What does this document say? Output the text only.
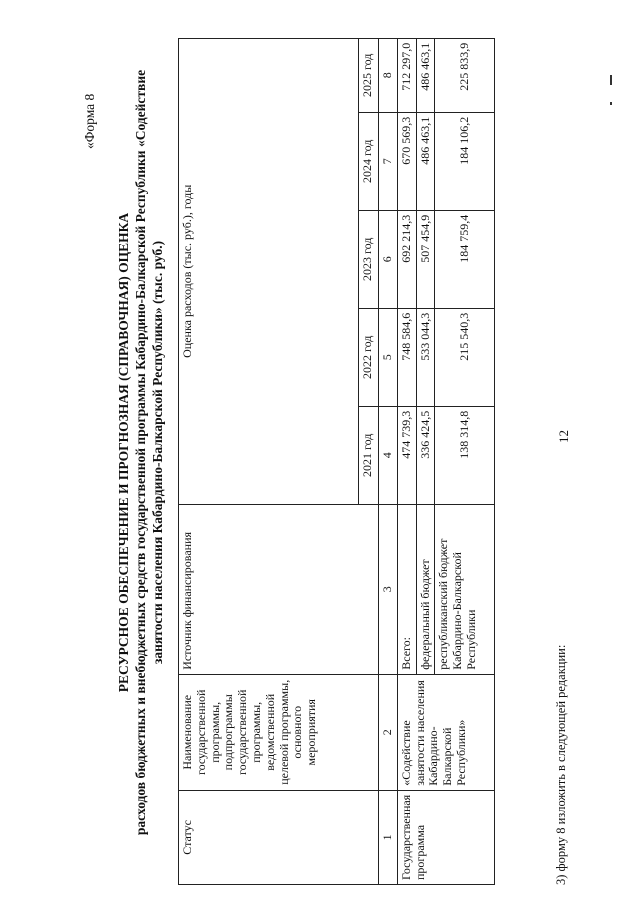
3) форму 8 изложить в следующей редакции:
12
«Форма 8
РЕСУРСНОЕ ОБЕСПЕЧЕНИЕ И ПРОГНОЗНАЯ (СПРАВОЧНАЯ) ОЦЕНКА расходов бюджетных и внебюджетных средств государственной программы Кабардино-Балкарской Республики «Содействие занятости населения Кабардино-Балкарской Республики» (тыс. руб.)
Статус	Наименование государственной программы, подпрограммы государственной программы, ведомственной целевой программы, основного мероприятия	Источник финансирования	Оценка расходов (тыс. руб.), годы				
			2021 год	2022 год	2023 год	2024 год	2025 год
1	2	3	4	5	6	7	8
Государственная программа	«Содействие занятости населения Кабардино-Балкарской Республики»	Всего:	474 739,3	748 584,6	692 214,3	670 569,3	712 297,0
		федеральный бюджет	336 424,5	533 044,3	507 454,9	486 463,1	486 463,1
		республиканский бюджет Кабардино-Балкарской Республики	138 314,8	215 540,3	184 759,4	184 106,2	225 833,9
